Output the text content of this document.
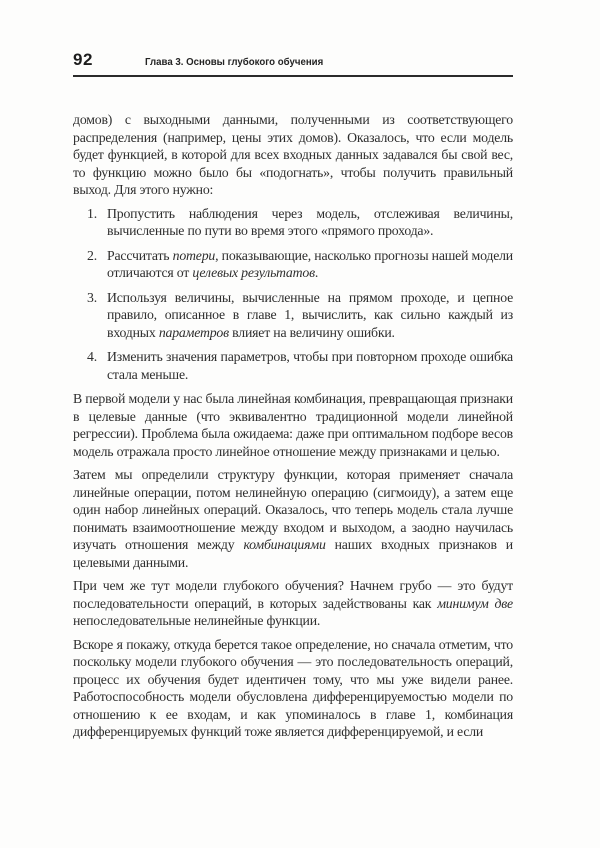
92	Глава 3. Основы глубокого обучения

домов) с выходными данными, полученными из соответствующего распределения (например, цены этих домов). Оказалось, что если модель будет функцией, в которой для всех входных данных задавался бы свой вес, то функцию можно было бы «подогнать», чтобы получить правильный выход. Для этого нужно:

1. Пропустить наблюдения через модель, отслеживая величины, вычисленные по пути во время этого «прямого прохода».
2. Рассчитать потери, показывающие, насколько прогнозы нашей модели отличаются от целевых результатов.
3. Используя величины, вычисленные на прямом проходе, и цепное правило, описанное в главе 1, вычислить, как сильно каждый из входных параметров влияет на величину ошибки.
4. Изменить значения параметров, чтобы при повторном проходе ошибка стала меньше.

В первой модели у нас была линейная комбинация, превращающая признаки в целевые данные (что эквивалентно традиционной модели линейной регрессии). Проблема была ожидаема: даже при оптимальном подборе весов модель отражала просто линейное отношение между признаками и целью.

Затем мы определили структуру функции, которая применяет сначала линейные операции, потом нелинейную операцию (сигмоиду), а затем еще один набор линейных операций. Оказалось, что теперь модель стала лучше понимать взаимоотношение между входом и выходом, а заодно научилась изучать отношения между комбинациями наших входных признаков и целевыми данными.

При чем же тут модели глубокого обучения? Начнем грубо — это будут последовательности операций, в которых задействованы как минимум две непоследовательные нелинейные функции.

Вскоре я покажу, откуда берется такое определение, но сначала отметим, что поскольку модели глубокого обучения — это последовательность операций, процесс их обучения будет идентичен тому, что мы уже видели ранее. Работоспособность модели обусловлена дифференцируемостью модели по отношению к ее входам, и как упоминалось в главе 1, комбинация дифференцируемых функций тоже является дифференцируемой, и если
